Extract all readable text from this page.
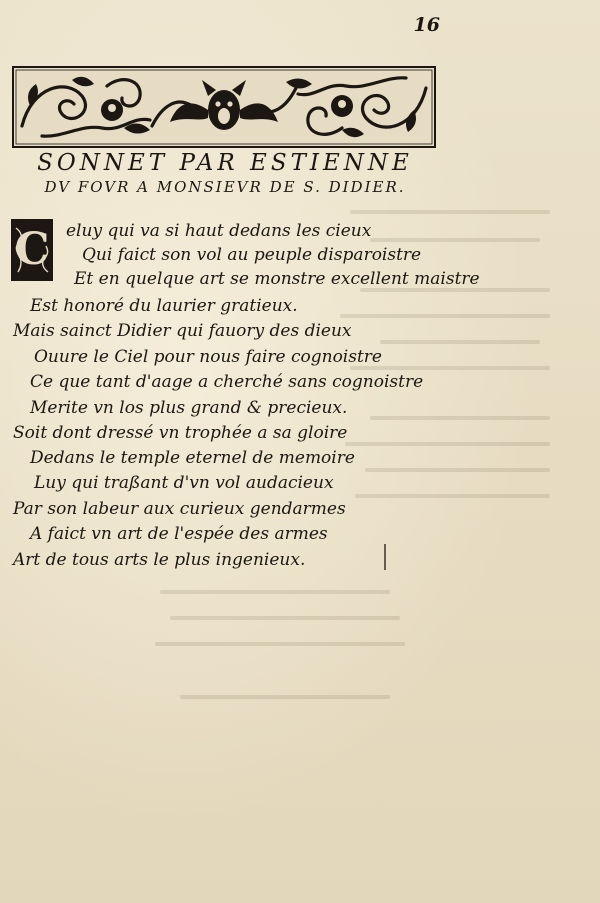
16
SONNET PAR ESTIENNE
DV FOVR A MONSIEVR DE S. DIDIER.
C eluy qui va si haut dedans les cieux
Qui faict son vol au peuple disparoistre
Et en quelque art se monstre excellent maistre
Est honoré du laurier gratieux.
Mais sainct Didier qui fauory des dieux
Ouure le Ciel pour nous faire cognoistre
Ce que tant d'aage a cherché sans cognoistre
Merite vn los plus grand & precieux.
Soit dont dressé vn trophée a sa gloire
Dedans le temple eternel de memoire
Luy qui traßant d'vn vol audacieux
Par son labeur aux curieux gendarmes
A faict vn art de l'espée des armes
Art de tous arts le plus ingenieux.
